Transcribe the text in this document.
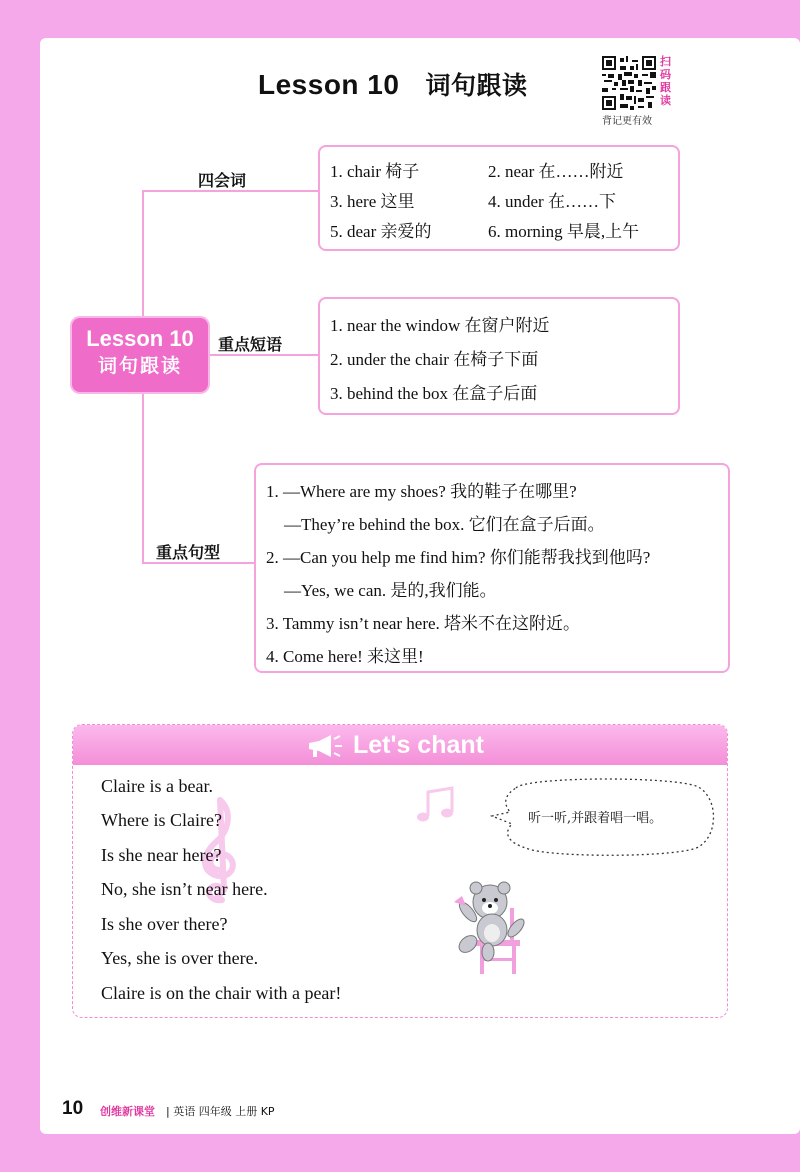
Lesson 10 词句跟读
扫码跟读
背记更有效
Lesson 10
词句跟读
四会词	1. chair 椅子	2. near 在……附近
3. here 这里	4. under 在……下
5. dear 亲爱的	6. morning 早晨,上午
重点短语
1. near the window 在窗户附近
2. under the chair 在椅子下面
3. behind the box 在盒子后面
重点句型
1. —Where are my shoes? 我的鞋子在哪里?
—They’re behind the box. 它们在盒子后面。
2. —Can you help me find him? 你们能帮我找到他吗?
—Yes, we can. 是的,我们能。
3. Tammy isn’t near here. 塔米不在这附近。
4. Come here! 来这里!
Let's chant
Claire is a bear.
Where is Claire?
Is she near here?
No, she isn’t near here.
Is she over there?
Yes, she is over there.
Claire is on the chair with a pear!
听一听,并跟着唱一唱。
10 创维新课堂 | 英语 四年级 上册 KP
